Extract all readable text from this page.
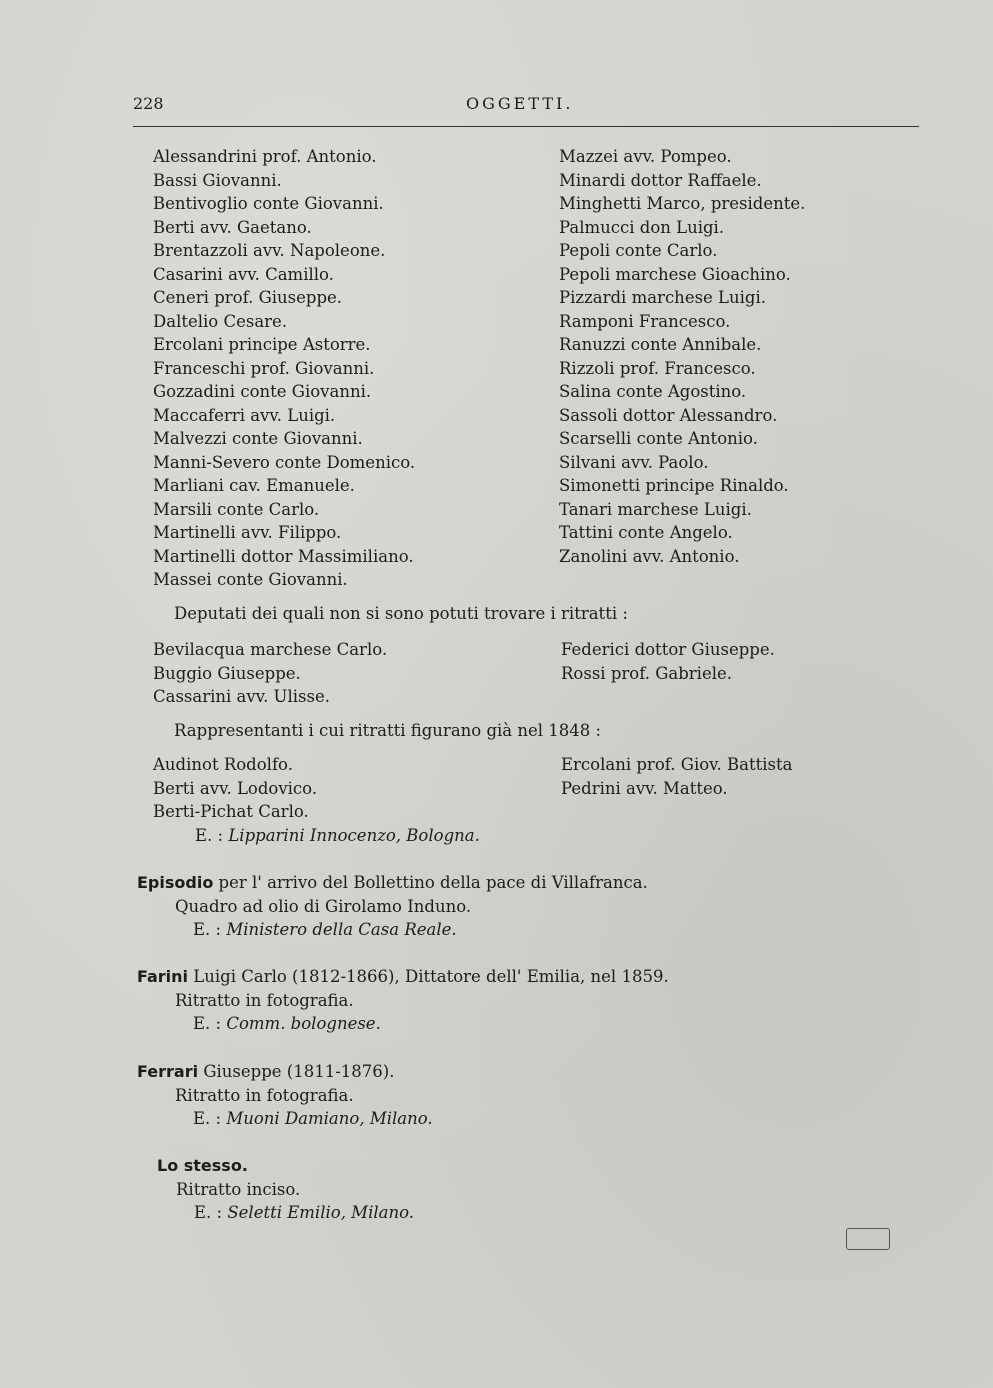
228	OGGETTI.
Alessandrini prof. Antonio.
Bassi Giovanni.
Bentivoglio conte Giovanni.
Berti avv. Gaetano.
Brentazzoli avv. Napoleone.
Casarini avv. Camillo.
Ceneri prof. Giuseppe.
Daltelio Cesare.
Ercolani principe Astorre.
Franceschi prof. Giovanni.
Gozzadini conte Giovanni.
Maccaferri avv. Luigi.
Malvezzi conte Giovanni.
Manni-Severo conte Domenico.
Marliani cav. Emanuele.
Marsili conte Carlo.
Martinelli avv. Filippo.
Martinelli dottor Massimiliano.
Massei conte Giovanni.
Mazzei avv. Pompeo.
Minardi dottor Raffaele.
Minghetti Marco, presidente.
Palmucci don Luigi.
Pepoli conte Carlo.
Pepoli marchese Gioachino.
Pizzardi marchese Luigi.
Ramponi Francesco.
Ranuzzi conte Annibale.
Rizzoli prof. Francesco.
Salina conte Agostino.
Sassoli dottor Alessandro.
Scarselli conte Antonio.
Silvani avv. Paolo.
Simonetti principe Rinaldo.
Tanari marchese Luigi.
Tattini conte Angelo.
Zanolini avv. Antonio.
Deputati dei quali non si sono potuti trovare i ritratti :
Bevilacqua marchese Carlo.
Buggio Giuseppe.
Cassarini avv. Ulisse.
Federici dottor Giuseppe.
Rossi prof. Gabriele.
Rappresentanti i cui ritratti figurano già nel 1848 :
Audinot Rodolfo.
Berti avv. Lodovico.
Berti-Pichat Carlo.
E. : Lipparini Innocenzo, Bologna.
Ercolani prof. Giov. Battista
Pedrini avv. Matteo.
Episodio per l' arrivo del Bollettino della pace di Villafranca.
Quadro ad olio di Girolamo Induno.
E. : Ministero della Casa Reale.
Farini Luigi Carlo (1812-1866), Dittatore dell' Emilia, nel 1859.
Ritratto in fotografia.
E. : Comm. bolognese.
Ferrari Giuseppe (1811-1876).
Ritratto in fotografia.
E. : Muoni Damiano, Milano.
Lo stesso.
Ritratto inciso.
E. : Seletti Emilio, Milano.
